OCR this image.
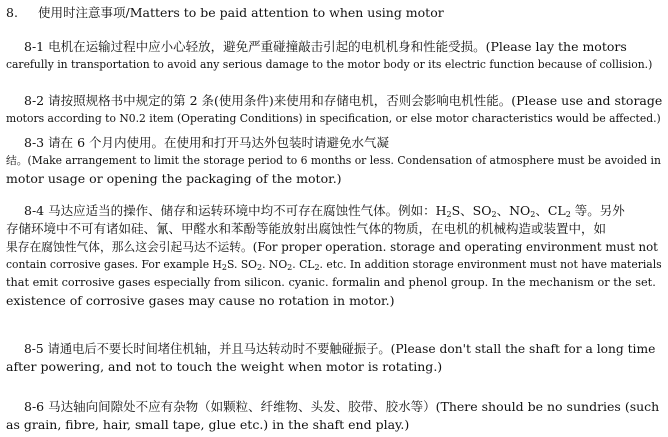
8. 使用时注意事项/Matters to be paid attention to when using motor
8-1 电机在运输过程中应小心轻放，避免严重碰撞敲击引起的电机机身和性能受损。(Please lay the motors
carefully in transportation to avoid any serious damage to the motor body or its electric function because of collision.)
8-2 请按照规格书中规定的第 2 条(使用条件)来使用和存储电机，否则会影响电机性能。(Please use and storage
motors according to N0.2 item (Operating Conditions) in specification, or else motor characteristics would be affected.)
8-3 请在 6 个月内使用。在使用和打开马达外包装时请避免水气凝
结。(Make arrangement to limit the storage period to 6 months or less. Condensation of atmosphere must be avoided in
motor usage or opening the packaging of the motor.)
8-4 马达应适当的操作、储存和运转环境中均不可存在腐蚀性气体。例如：$H_2S$、$SO_2$、$NO_2$、$CL_2$ 等。另外
存储环境中不可有诸如硅、氰、甲醛水和苯酚等能放射出腐蚀性气体的物质，在电机的机械构造或装置中，如
果存在腐蚀性气体，那么这会引起马达不运转。(For proper operation. storage and operating environment must not
contain corrosive gases. For example $H_2S$. $SO_2$. $NO_2$. $CL_2$. etc. In addition storage environment must not have materials
that emit corrosive gases especially from silicon. cyanic. formalin and phenol group. In the mechanism or the set.
existence of corrosive gases may cause no rotation in motor.)
8-5 请通电后不要长时间堵住机轴，并且马达转动时不要触碰振子。(Please don't stall the shaft for a long time
after powering, and not to touch the weight when motor is rotating.)
8-6 马达轴向间隙处不应有杂物（如颗粒、纤维物、头发、胶带、胶水等）(There should be no sundries (such
as grain, fibre, hair, small tape, glue etc.) in the shaft end play.)
